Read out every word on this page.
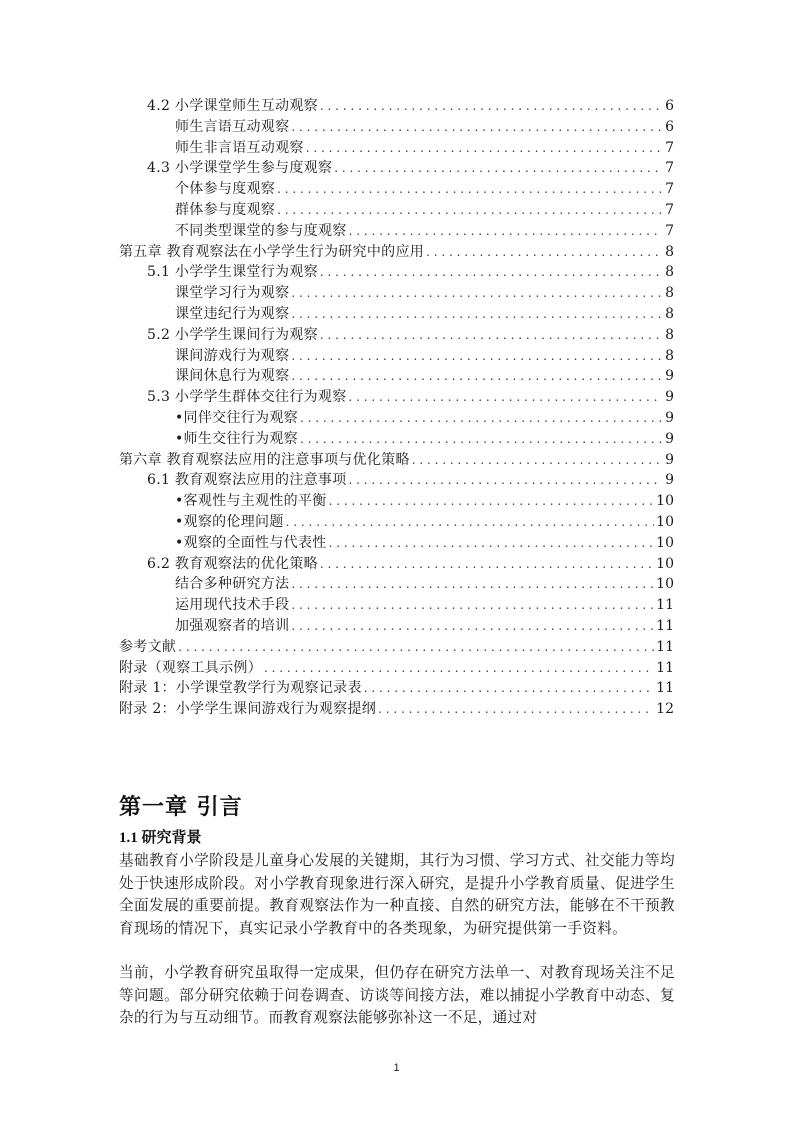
4.2 小学课堂师生互动观察 . . .	6
师生言语互动观察 . . .	6
师生非言语互动观察 . . .	7
4.3 小学课堂学生参与度观察 . . .	7
个体参与度观察 . . .	7
群体参与度观察 . . .	7
不同类型课堂的参与度观察 . . .	7
第五章 教育观察法在小学学生行为研究中的应用 . . .	8
5.1 小学学生课堂行为观察 . . .	8
课堂学习行为观察 . . .	8
课堂违纪行为观察 . . .	8
5.2 小学学生课间行为观察 . . .	8
课间游戏行为观察 . . .	8
课间休息行为观察 . . .	9
5.3 小学学生群体交往行为观察 . . .	9
•同伴交往行为观察 . . .	9
•师生交往行为观察 . . .	9
第六章 教育观察法应用的注意事项与优化策略 . . .	9
6.1 教育观察法应用的注意事项 . . .	9
•客观性与主观性的平衡 . . .	10
•观察的伦理问题 . . .	10
•观察的全面性与代表性 . . .	10
6.2 教育观察法的优化策略 . . .	10
结合多种研究方法 . . .	10
运用现代技术手段 . . .	11
加强观察者的培训 . . .	11
参考文献 . . .	11
附录（观察工具示例） . . .	11
附录 1：小学课堂教学行为观察记录表 . . .	11
附录 2：小学学生课间游戏行为观察提纲 . . .	12
第一章 引言
1.1 研究背景

基础教育小学阶段是儿童身心发展的关键期，其行为习惯、学习方式、社交能力等均处于快速形成阶段。对小学教育现象进行深入研究，是提升小学教育质量、促进学生全面发展的重要前提。教育观察法作为一种直接、自然的研究方法，能够在不干预教育现场的情况下，真实记录小学教育中的各类现象，为研究提供第一手资料。

当前，小学教育研究虽取得一定成果，但仍存在研究方法单一、对教育现场关注不足等问题。部分研究依赖于问卷调查、访谈等间接方法，难以捕捉小学教育中动态、复杂的行为与互动细节。而教育观察法能够弥补这一不足，通过对

1
